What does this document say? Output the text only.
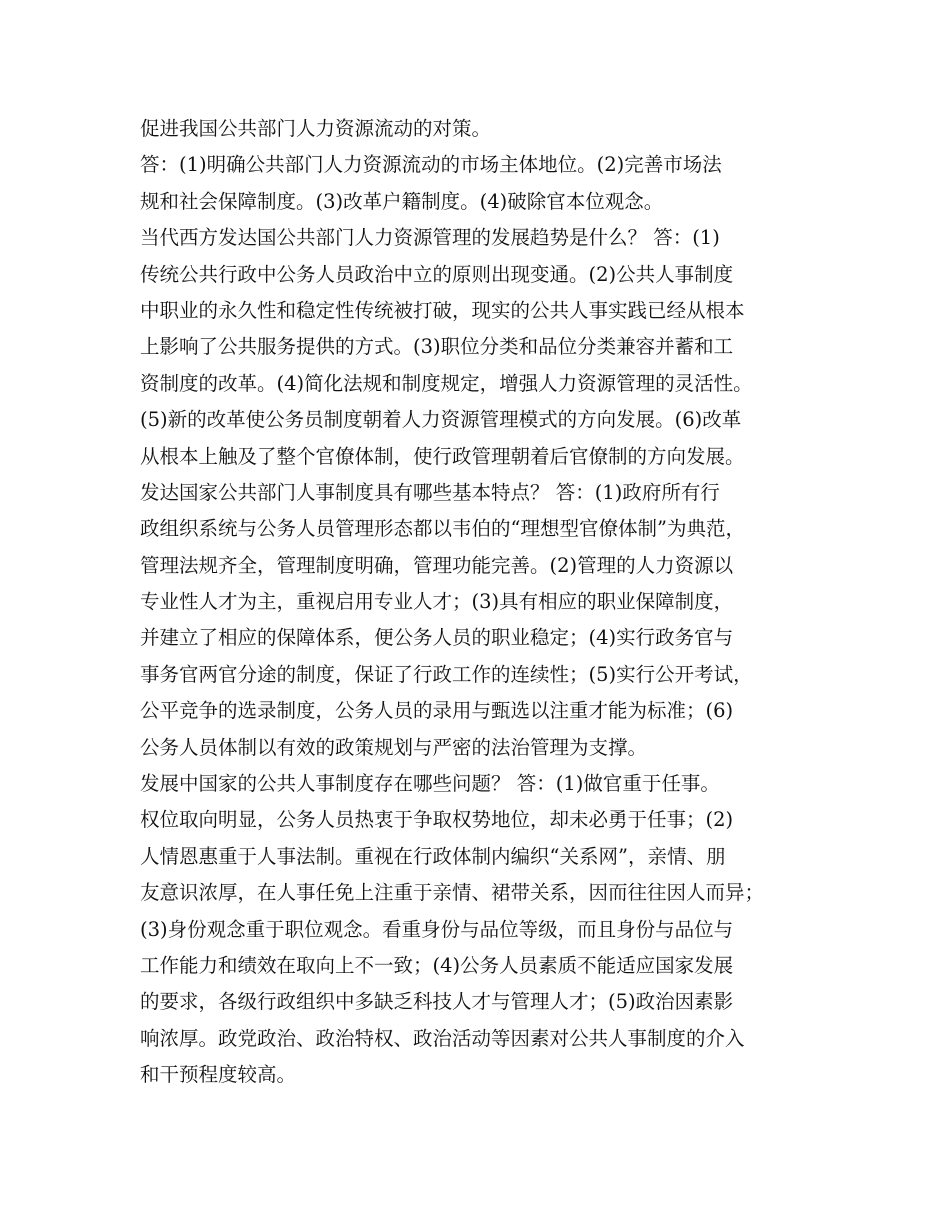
促进我国公共部门人力资源流动的对策。
答：(1)明确公共部门人力资源流动的市场主体地位。(2)完善市场法
规和社会保障制度。(3)改革户籍制度。(4)破除官本位观念。
当代西方发达国公共部门人力资源管理的发展趋势是什么？ 答：(1)
传统公共行政中公务人员政治中立的原则出现变通。(2)公共人事制度
中职业的永久性和稳定性传统被打破，现实的公共人事实践已经从根本
上影响了公共服务提供的方式。(3)职位分类和品位分类兼容并蓄和工
资制度的改革。(4)简化法规和制度规定，增强人力资源管理的灵活性。
(5)新的改革使公务员制度朝着人力资源管理模式的方向发展。(6)改革
从根本上触及了整个官僚体制，使行政管理朝着后官僚制的方向发展。
发达国家公共部门人事制度具有哪些基本特点？ 答：(1)政府所有行
政组织系统与公务人员管理形态都以韦伯的“理想型官僚体制”为典范，
管理法规齐全，管理制度明确，管理功能完善。(2)管理的人力资源以
专业性人才为主，重视启用专业人才；(3)具有相应的职业保障制度，
并建立了相应的保障体系，便公务人员的职业稳定；(4)实行政务官与
事务官两官分途的制度，保证了行政工作的连续性；(5)实行公开考试，
公平竞争的选录制度，公务人员的录用与甄选以注重才能为标准；(6)
公务人员体制以有效的政策规划与严密的法治管理为支撑。
发展中国家的公共人事制度存在哪些问题？ 答：(1)做官重于任事。
权位取向明显，公务人员热衷于争取权势地位，却未必勇于任事；(2)
人情恩惠重于人事法制。重视在行政体制内编织“关系网”，亲情、朋
友意识浓厚，在人事任免上注重于亲情、裙带关系，因而往往因人而异；
(3)身份观念重于职位观念。看重身份与品位等级，而且身份与品位与
工作能力和绩效在取向上不一致；(4)公务人员素质不能适应国家发展
的要求，各级行政组织中多缺乏科技人才与管理人才；(5)政治因素影
响浓厚。政党政治、政治特权、政治活动等因素对公共人事制度的介入
和干预程度较高。
